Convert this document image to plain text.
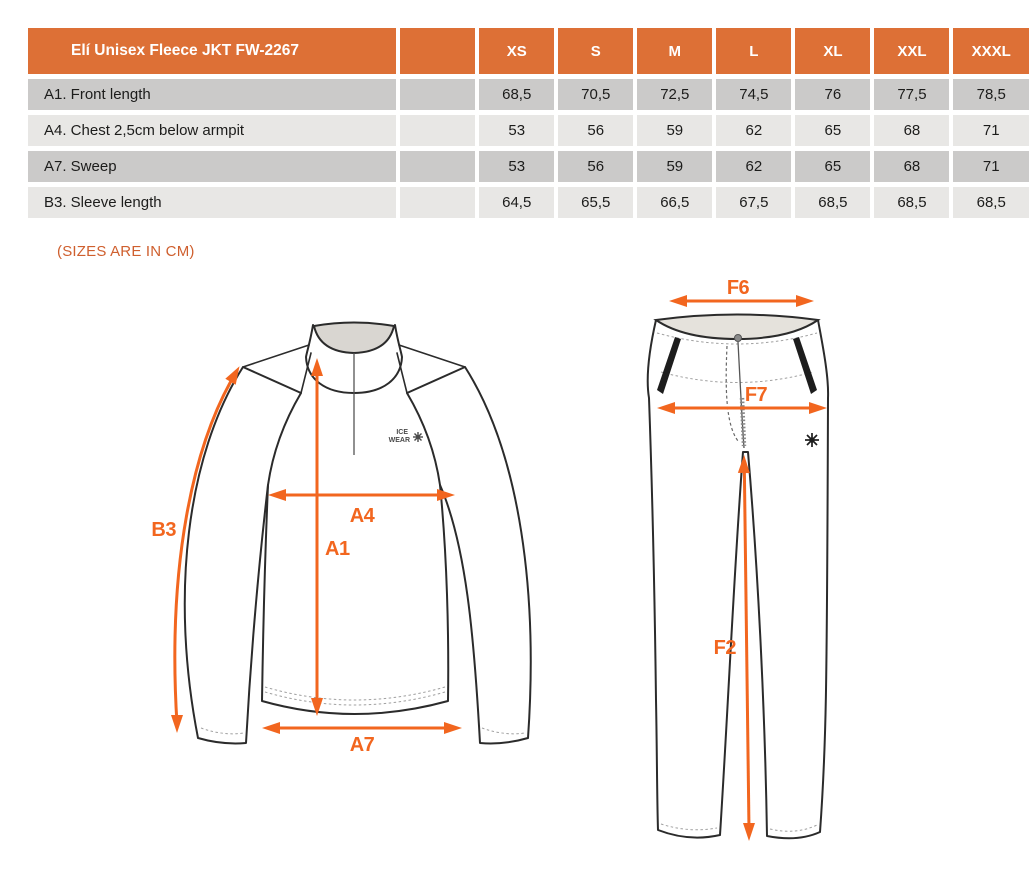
Elí Unisex Fleece JKT FW-2267		XS	S	M	L	XL	XXL	XXXL
A1. Front length		68,5	70,5	72,5	74,5	76	77,5	78,5
A4. Chest 2,5cm below armpit		53	56	59	62	65	68	71
A7. Sweep		53	56	59	62	65	68	71
B3. Sleeve length		64,5	65,5	66,5	67,5	68,5	68,5	68,5
(SIZES ARE IN CM)
ICE
WEAR
B3
A1
A4
A7
F6
F7
F2
